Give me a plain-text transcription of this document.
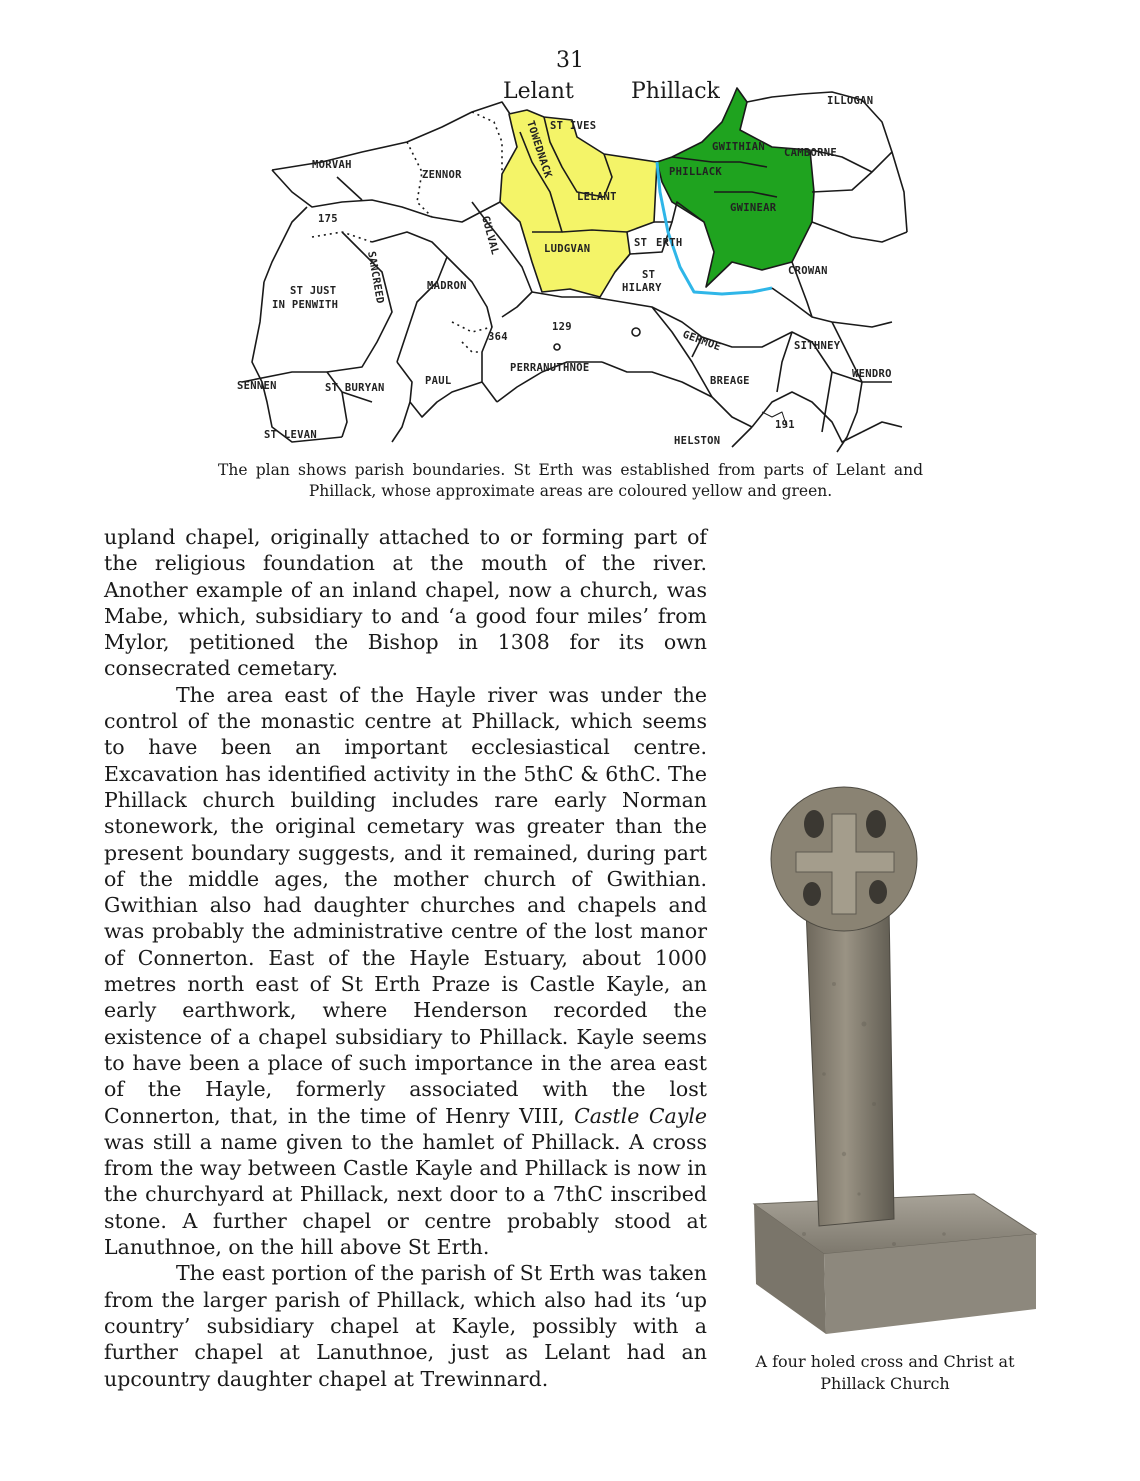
31
Lelant	Phillack	ILLOGAN
ST IVES
TOWEDNACK	GWITHIAN CAMBORNE
MORVAH
ZENNOR
LELANT
PHILLACK
GWINEAR
175	GULVAL	ST ERTH
LUDGVAN
CROWAN
ST JUST
IN PENWITH
SANCREED	MADRON
ST
HILARY
129
364	GERMOE	SITHNEY
PERRANUTHNOE	WENDRO
SENNEN	ST BURYAN
PAUL	BREAGE
ST LEVAN
191
HELSTON
The plan shows parish boundaries. St Erth was established from parts of Lelant and Phillack, whose approximate areas are coloured yellow and green.

upland chapel, originally attached to or forming part of the religious foundation at the mouth of the river. Another example of an inland chapel, now a church, was Mabe, which, subsidiary to and ‘a good four miles’ from Mylor, petitioned the Bishop in 1308 for its own consecrated cemetary.

The area east of the Hayle river was under the control of the monastic centre at Phillack, which seems to have been an important ecclesiastical centre. Excavation has identified activity in the 5thC & 6thC. The Phillack church building includes rare early Norman stonework, the original cemetary was greater than the present boundary suggests, and it remained, during part of the middle ages, the mother church of Gwithian. Gwithian also had daughter churches and chapels and was probably the administrative centre of the lost manor of Connerton. East of the Hayle Estuary, about 1000 metres north east of St Erth Praze is Castle Kayle, an early earthwork, where Henderson recorded the existence of a chapel subsidiary to Phillack. Kayle seems to have been a place of such importance in the area east of the Hayle, formerly associated with the lost Connerton, that, in the time of Henry VIII, Castle Cayle was still a name given to the hamlet of Phillack. A cross from the way between Castle Kayle and Phillack is now in the churchyard at Phillack, next door to a 7thC inscribed stone. A further chapel or centre probably stood at Lanuthnoe, on the hill above St Erth.

The east portion of the parish of St Erth was taken from the larger parish of Phillack, which also had its ‘up country’ subsidiary chapel at Kayle, possibly with a further chapel at Lanuthnoe, just as Lelant had an upcountry daughter chapel at Trewinnard.

A four holed cross and Christ at Phillack Church
